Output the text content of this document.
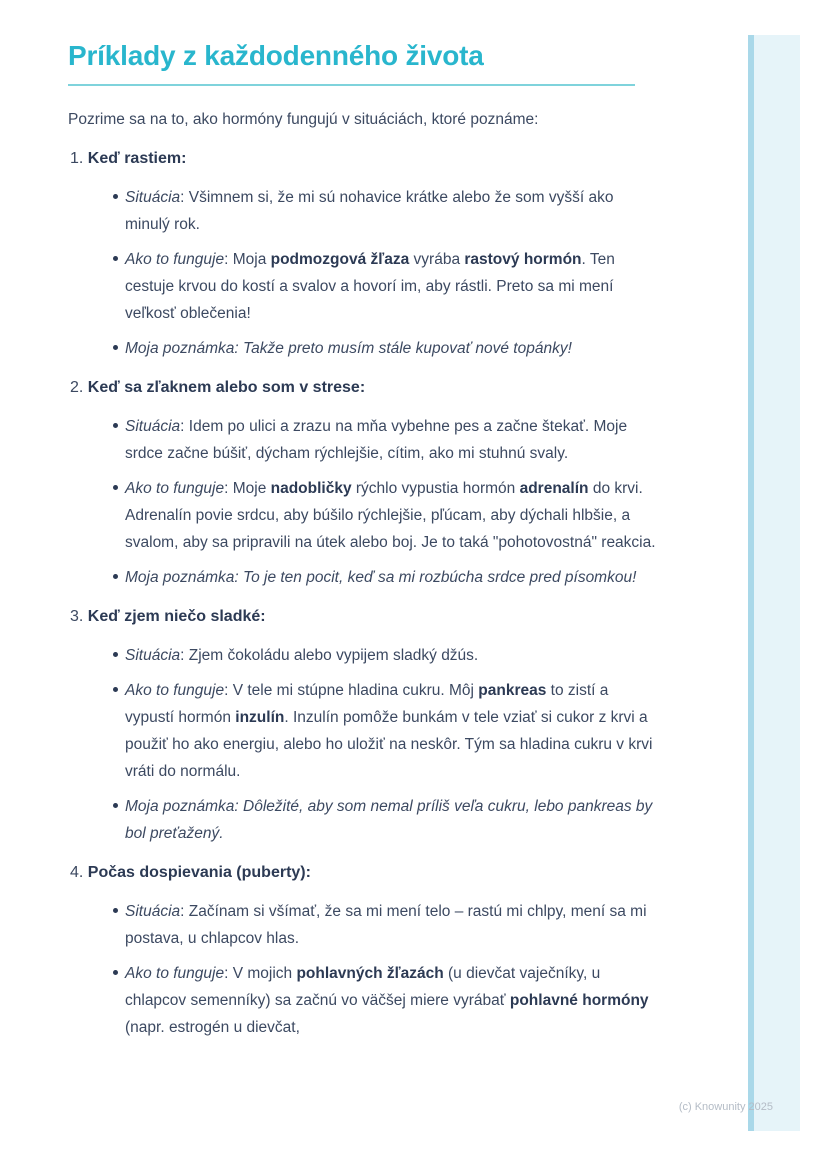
Príklady z každodenného života
Pozrime sa na to, ako hormóny fungujú v situáciách, ktoré poznáme:
1. Keď rastiem:
Situácia: Všimnem si, že mi sú nohavice krátke alebo že som vyšší ako minulý rok.
Ako to funguje: Moja podmozgová žľaza vyrába rastový hormón. Ten cestuje krvou do kostí a svalov a hovorí im, aby rástli. Preto sa mi mení veľkosť oblečenia!
Moja poznámka: Takže preto musím stále kupovať nové topánky!
2. Keď sa zľaknem alebo som v strese:
Situácia: Idem po ulici a zrazu na mňa vybehne pes a začne štekať. Moje srdce začne búšiť, dýcham rýchlejšie, cítim, ako mi stuhnú svaly.
Ako to funguje: Moje nadobličky rýchlo vypustia hormón adrenalín do krvi. Adrenalín povie srdcu, aby búšilo rýchlejšie, pľúcam, aby dýchali hlbšie, a svalom, aby sa pripravili na útek alebo boj. Je to taká "pohotovostná" reakcia.
Moja poznámka: To je ten pocit, keď sa mi rozbúcha srdce pred písomkou!
3. Keď zjem niečo sladké:
Situácia: Zjem čokoládu alebo vypijem sladký džús.
Ako to funguje: V tele mi stúpne hladina cukru. Môj pankreas to zistí a vypustí hormón inzulín. Inzulín pomôže bunkám v tele vziať si cukor z krvi a použiť ho ako energiu, alebo ho uložiť na neskôr. Tým sa hladina cukru v krvi vráti do normálu.
Moja poznámka: Dôležité, aby som nemal príliš veľa cukru, lebo pankreas by bol preťažený.
4. Počas dospievania (puberty):
Situácia: Začínam si všímať, že sa mi mení telo – rastú mi chlpy, mení sa mi postava, u chlapcov hlas.
Ako to funguje: V mojich pohlavných žľazách (u dievčat vaječníky, u chlapcov semenníky) sa začnú vo väčšej miere vyrábať pohlavné hormóny (napr. estrogén u dievčat,
(c) Knowunity 2025
